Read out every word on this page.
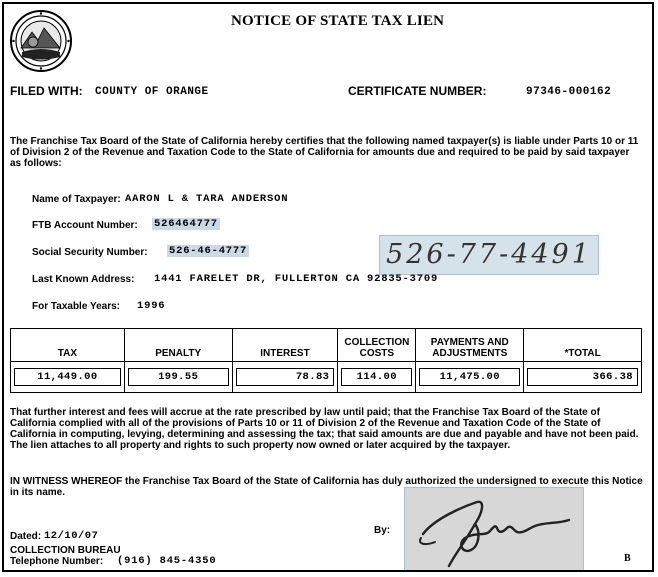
NOTICE OF STATE TAX LIEN
FILED WITH: COUNTY OF ORANGE	CERTIFICATE NUMBER:	97346-000162
The Franchise Tax Board of the State of California hereby certifies that the following named taxpayer(s) is liable under Parts 10 or 11 of Division 2 of the Revenue and Taxation Code to the State of California for amounts due and required to be paid by said taxpayer as follows:
Name of Taxpayer: AARON L & TARA ANDERSON
FTB Account Number: 526464777
Social Security Number: 526-46-4777	526-77-4491
Last Known Address: 1441 FARELET DR, FULLERTON CA 92835-3709
For Taxable Years: 1996
TAX	PENALTY	INTEREST	COLLECTION COSTS	PAYMENTS AND ADJUSTMENTS	*TOTAL

11,449.00	199.55	78.83	114.00	11,475.00	366.38
That further interest and fees will accrue at the rate prescribed by law until paid; that the Franchise Tax Board of the State of California complied with all of the provisions of Parts 10 or 11 of Division 2 of the Revenue and Taxation Code of the State of California in computing, levying, determining and assessing the tax; that said amounts are due and payable and have not been paid. The lien attaches to all property and rights to such property now owned or later acquired by the taxpayer.
IN WITNESS WHEREOF the Franchise Tax Board of the State of California has duly authorized the undersigned to execute this Notice in its name.
By:
Dated: 12/10/07
COLLECTION BUREAU
Telephone Number: (916) 845-4350	B
